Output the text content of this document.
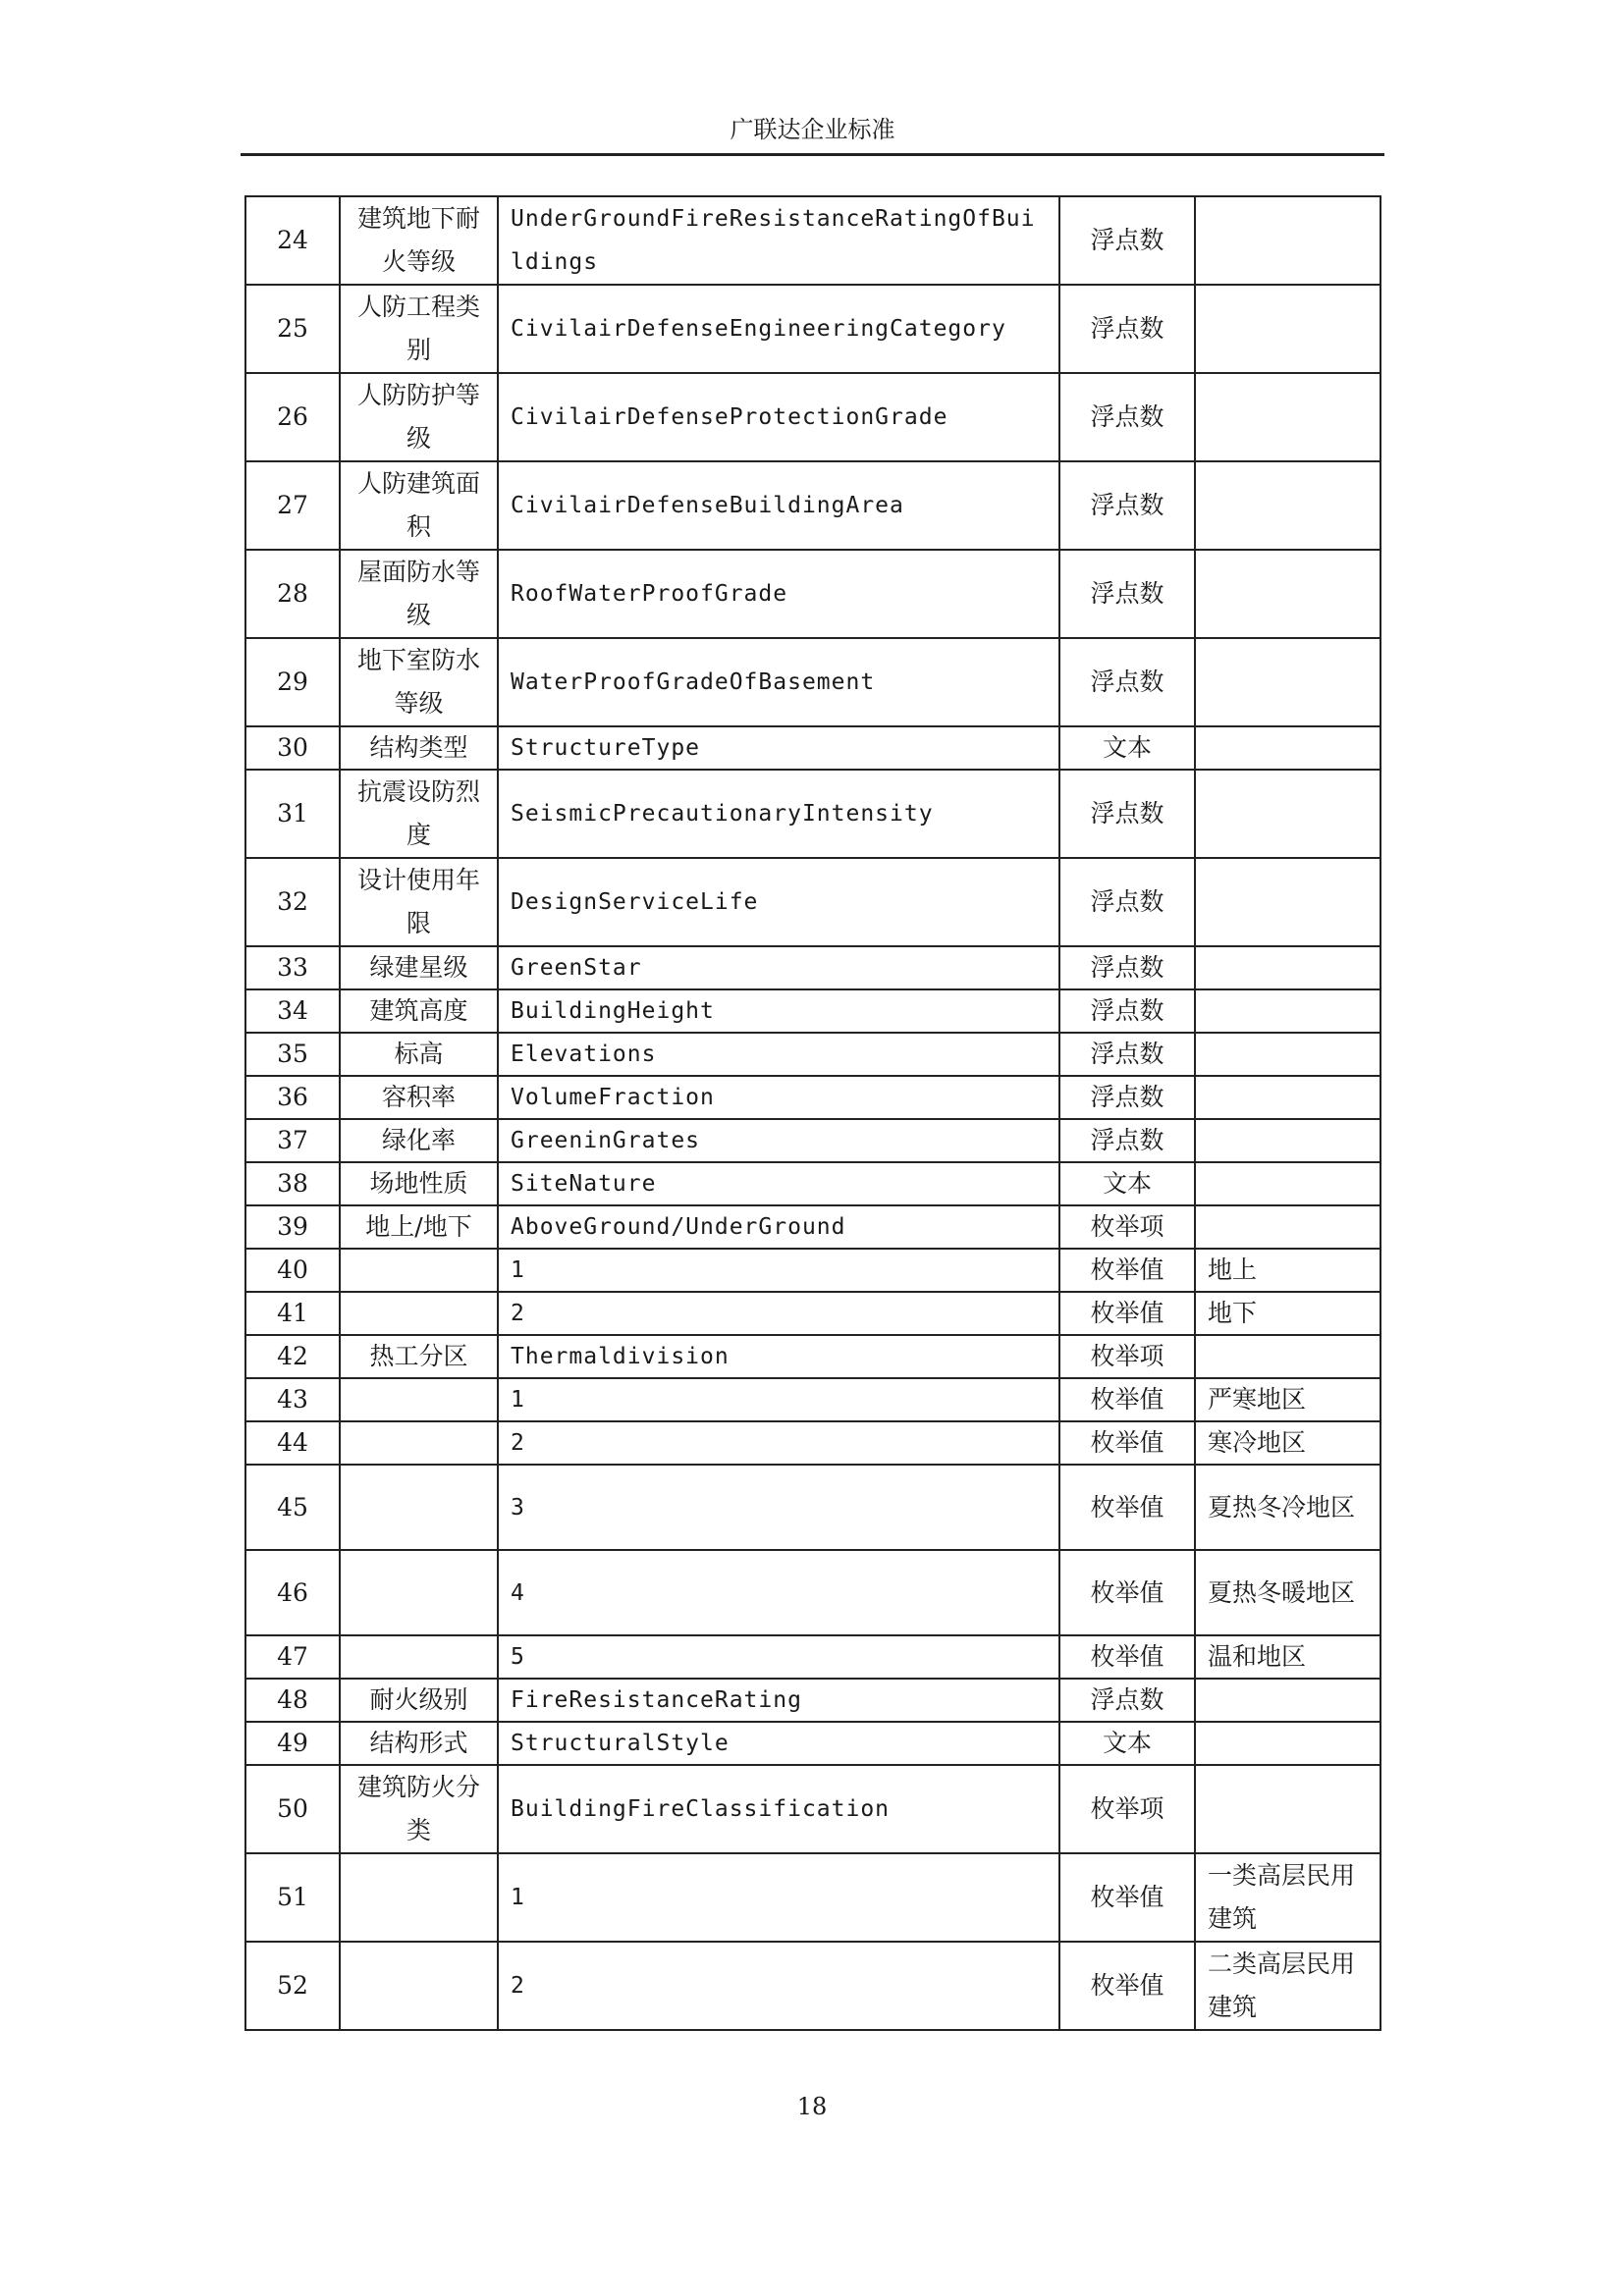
广联达企业标准
24	建筑地下耐火等级	UnderGroundFireResistanceRatingOfBuildings	浮点数	
25	人防工程类别	CivilairDefenseEngineeringCategory	浮点数	
26	人防防护等级	CivilairDefenseProtectionGrade	浮点数	
27	人防建筑面积	CivilairDefenseBuildingArea	浮点数	
28	屋面防水等级	RoofWaterProofGrade	浮点数	
29	地下室防水等级	WaterProofGradeOfBasement	浮点数	
30	结构类型	StructureType	文本	
31	抗震设防烈度	SeismicPrecautionaryIntensity	浮点数	
32	设计使用年限	DesignServiceLife	浮点数	
33	绿建星级	GreenStar	浮点数	
34	建筑高度	BuildingHeight	浮点数	
35	标高	Elevations	浮点数	
36	容积率	VolumeFraction	浮点数	
37	绿化率	GreeninGrates	浮点数	
38	场地性质	SiteNature	文本	
39	地上/地下	AboveGround/UnderGround	枚举项	
40		1	枚举值	地上
41		2	枚举值	地下
42	热工分区	Thermaldivision	枚举项	
43		1	枚举值	严寒地区
44		2	枚举值	寒冷地区
45		3	枚举值	夏热冬冷地区
46		4	枚举值	夏热冬暖地区
47		5	枚举值	温和地区
48	耐火级别	FireResistanceRating	浮点数	
49	结构形式	StructuralStyle	文本	
50	建筑防火分类	BuildingFireClassification	枚举项	
51		1	枚举值	一类高层民用建筑
52		2	枚举值	二类高层民用建筑
18
